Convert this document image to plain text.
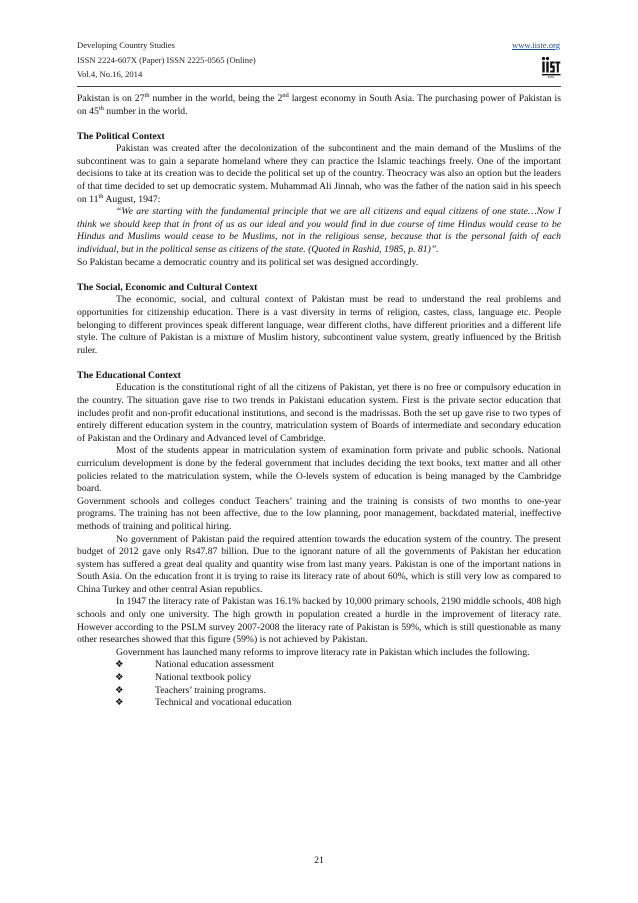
Developing Country Studies
ISSN 2224-607X (Paper) ISSN 2225-0565 (Online)
Vol.4, No.16, 2014
www.iiste.org
IISTE

Pakistan is on 27th number in the world, being the 2nd largest economy in South Asia. The purchasing power of Pakistan is on 45th number in the world.

The Political Context

Pakistan was created after the decolonization of the subcontinent and the main demand of the Muslims of the subcontinent was to gain a separate homeland where they can practice the Islamic teachings freely. One of the important decisions to take at its creation was to decide the political set up of the country. Theocracy was also an option but the leaders of that time decided to set up democratic system. Muhammad Ali Jinnah, who was the father of the nation said in his speech on 11th August, 1947:

“We are starting with the fundamental principle that we are all citizens and equal citizens of one state…Now I think we should keep that in front of us as our ideal and you would find in due course of time Hindus would cease to be Hindus and Muslims would cease to be Muslims, not in the religious sense, because that is the personal faith of each individual, but in the political sense as citizens of the state. (Quoted in Rashid, 1985, p. 81)”.

So Pakistan became a democratic country and its political set was designed accordingly.

The Social, Economic and Cultural Context

The economic, social, and cultural context of Pakistan must be read to understand the real problems and opportunities for citizenship education. There is a vast diversity in terms of religion, castes, class, language etc. People belonging to different provinces speak different language, wear different cloths, have different priorities and a different life style. The culture of Pakistan is a mixture of Muslim history, subcontinent value system, greatly influenced by the British ruler.

The Educational Context

Education is the constitutional right of all the citizens of Pakistan, yet there is no free or compulsory education in the country. The situation gave rise to two trends in Pakistani education system. First is the private sector education that includes profit and non-profit educational institutions, and second is the madrissas. Both the set up gave rise to two types of entirely different education system in the country, matriculation system of Boards of intermediate and secondary education of Pakistan and the Ordinary and Advanced level of Cambridge.

Most of the students appear in matriculation system of examination form private and public schools. National curriculum development is done by the federal government that includes deciding the text books, text matter and all other policies related to the matriculation system, while the O-levels system of education is being managed by the Cambridge board.

Government schools and colleges conduct Teachers’ training and the training is consists of two months to one-year programs. The training has not been affective, due to the low planning, poor management, backdated material, ineffective methods of training and political hiring.

No government of Pakistan paid the required attention towards the education system of the country. The present budget of 2012 gave only Rs47.87 billion. Due to the ignorant nature of all the governments of Pakistan her education system has suffered a great deal quality and quantity wise from last many years. Pakistan is one of the important nations in South Asia. On the education front it is trying to raise its literacy rate of about 60%, which is still very low as compared to China Turkey and other central Asian republics.

In 1947 the literacy rate of Pakistan was 16.1% backed by 10,000 primary schools, 2190 middle schools, 408 high schools and only one university. The high growth in population created a hurdle in the improvement of literacy rate. However according to the PSLM survey 2007-2008 the literacy rate of Pakistan is 59%, which is still questionable as many other researches showed that this figure (59%) is not achieved by Pakistan.

Government has launched many reforms to improve literacy rate in Pakistan which includes the following.

❖	National education assessment
❖	National textbook policy
❖	Teachers’ training programs.
❖	Technical and vocational education
21
